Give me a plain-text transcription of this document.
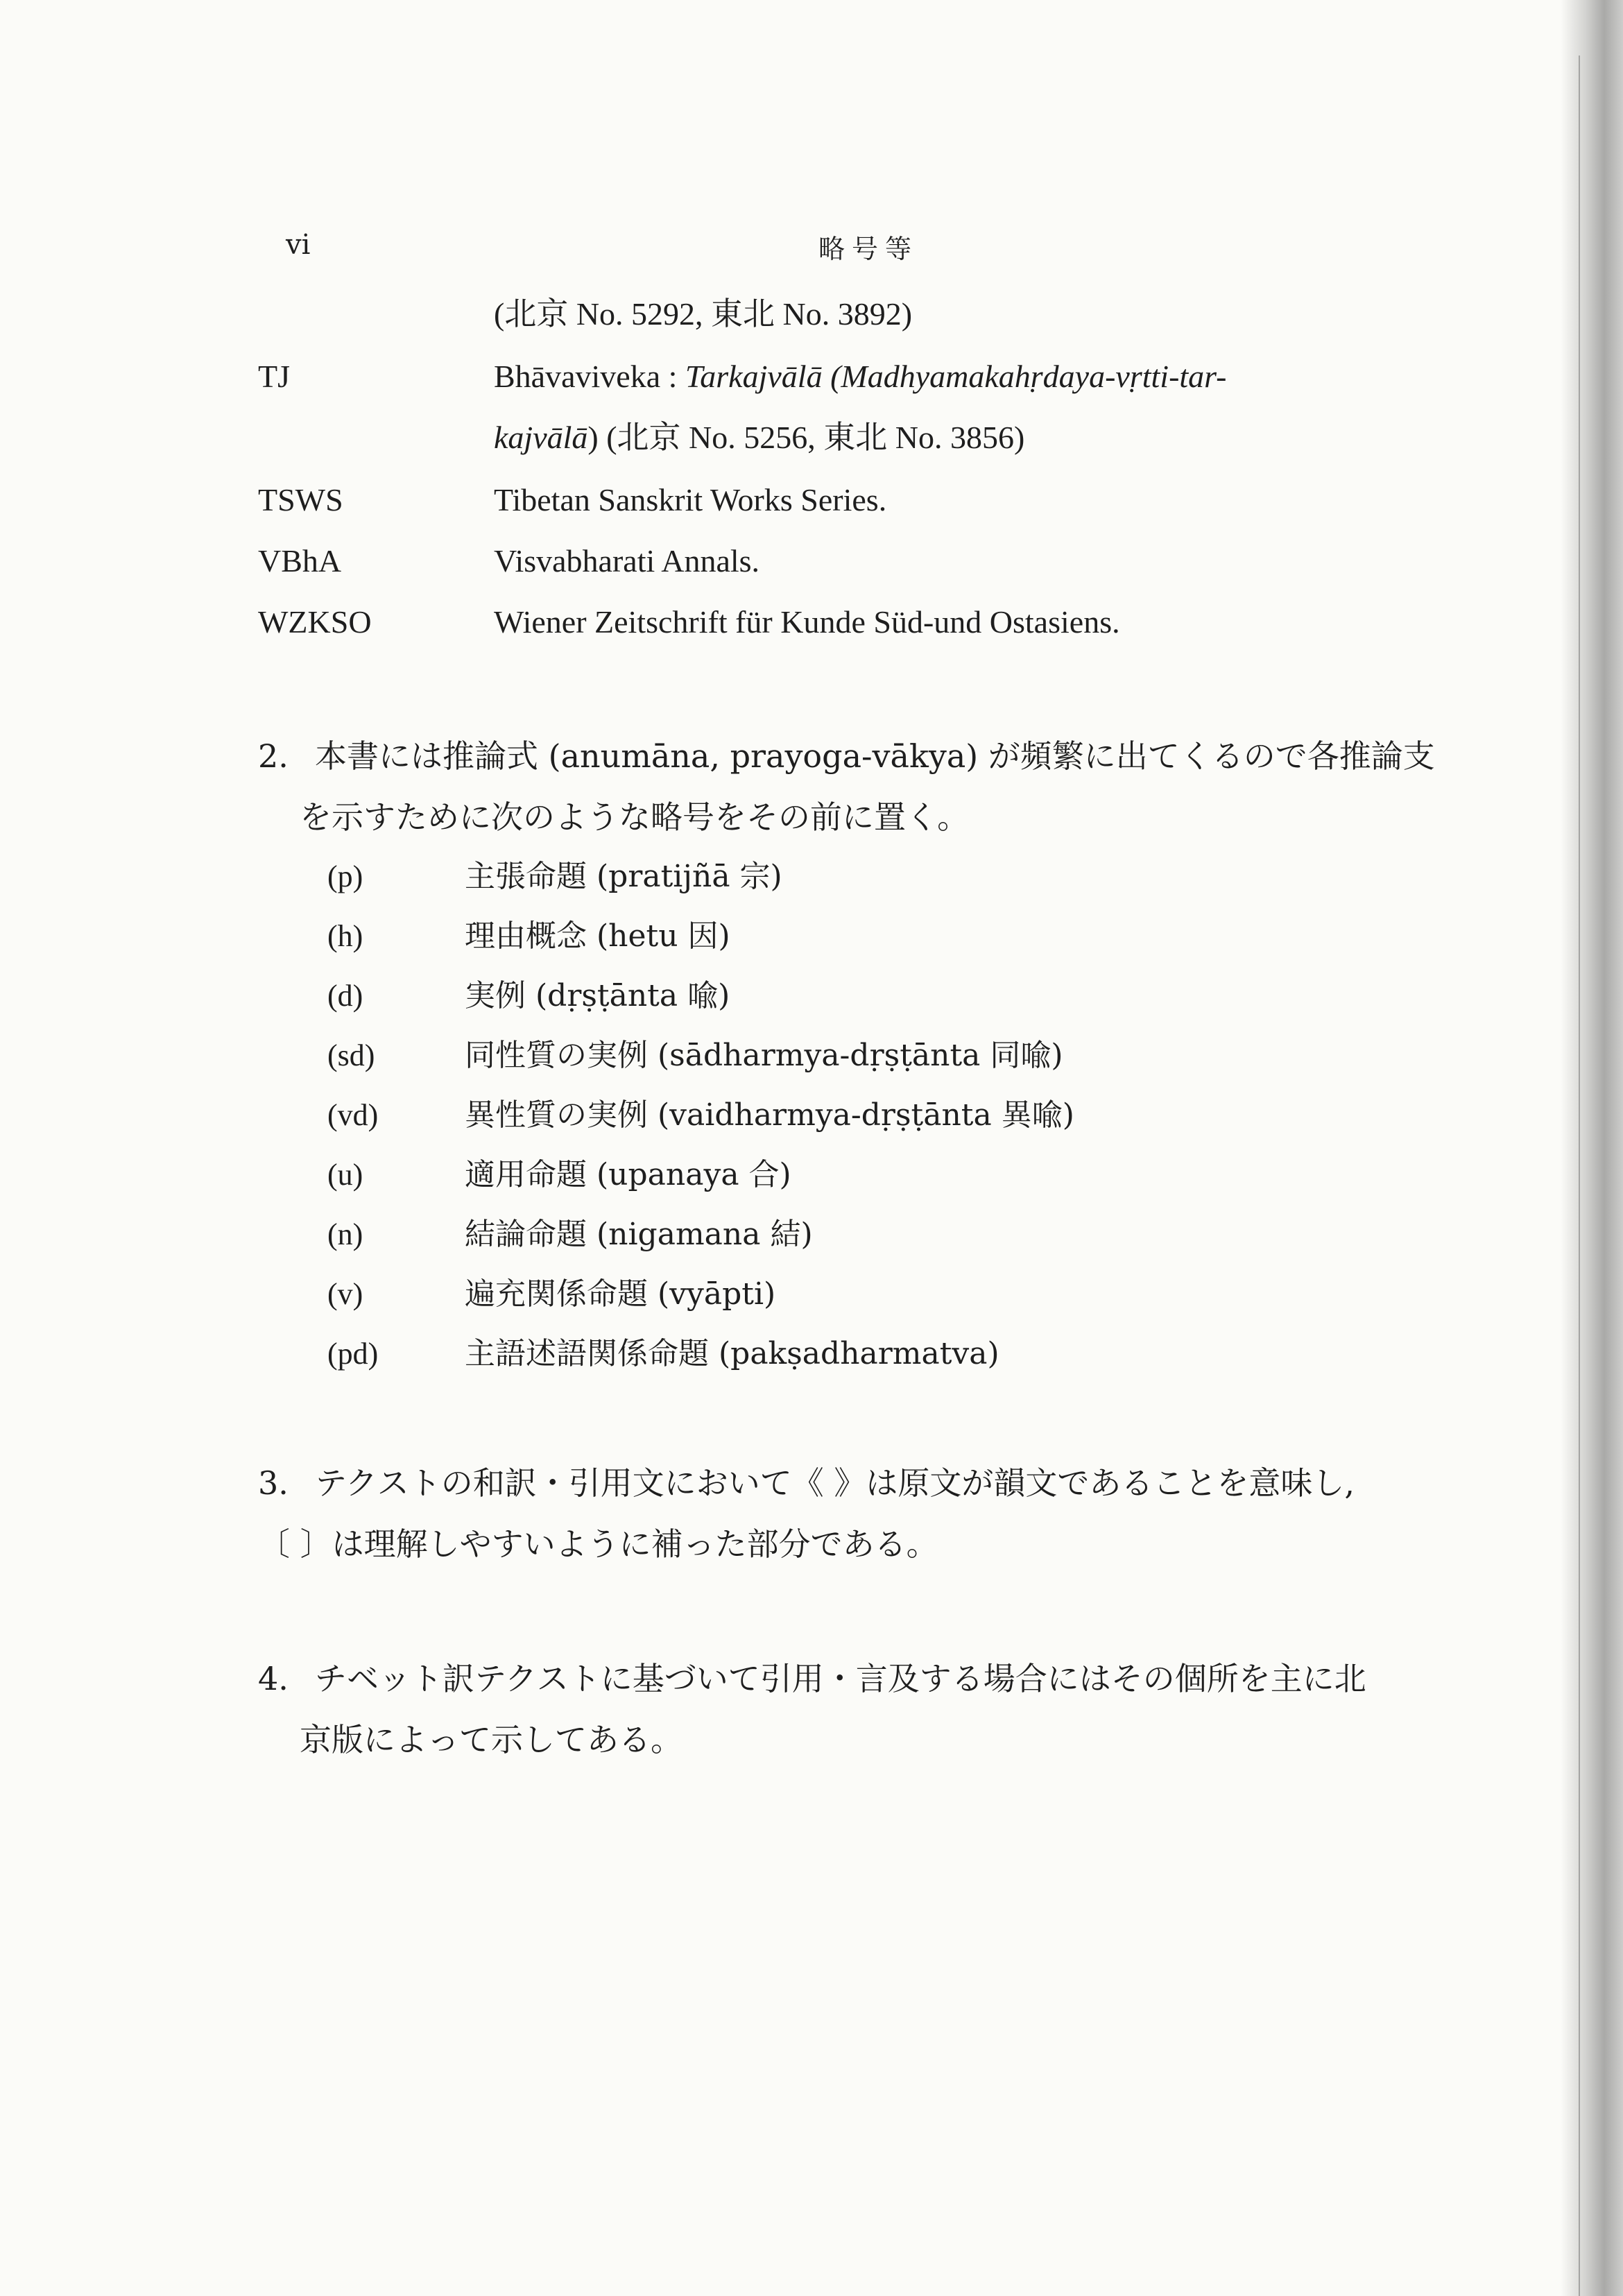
vi	略号等
(北京 No. 5292, 東北 No. 3892)
TJ	Bhāvaviveka : Tarkajvālā (Madhyamakahṛdaya-vṛtti-tar-
kajvālā) (北京 No. 5256, 東北 No. 3856)
TSWS	Tibetan Sanskrit Works Series.
VBhA	Visvabharati Annals.
WZKSO	Wiener Zeitschrift für Kunde Süd-und Ostasiens.
2. 本書には推論式 (anumāna, prayoga-vākya) が頻繁に出てくるので各推論支
を示すために次のような略号をその前に置く。
(p)	主張命題 (pratijñā 宗)
(h)	理由概念 (hetu 因)
(d)	実例 (dṛṣṭānta 喩)
(sd)	同性質の実例 (sādharmya-dṛṣṭānta 同喩)
(vd)	異性質の実例 (vaidharmya-dṛṣṭānta 異喩)
(u)	適用命題 (upanaya 合)
(n)	結論命題 (nigamana 結)
(v)	遍充関係命題 (vyāpti)
(pd)	主語述語関係命題 (pakṣadharmatva)
3. テクストの和訳・引用文において《 》は原文が韻文であることを意味し,
〔 〕は理解しやすいように補った部分である。
4. チベット訳テクストに基づいて引用・言及する場合にはその個所を主に北
京版によって示してある。
